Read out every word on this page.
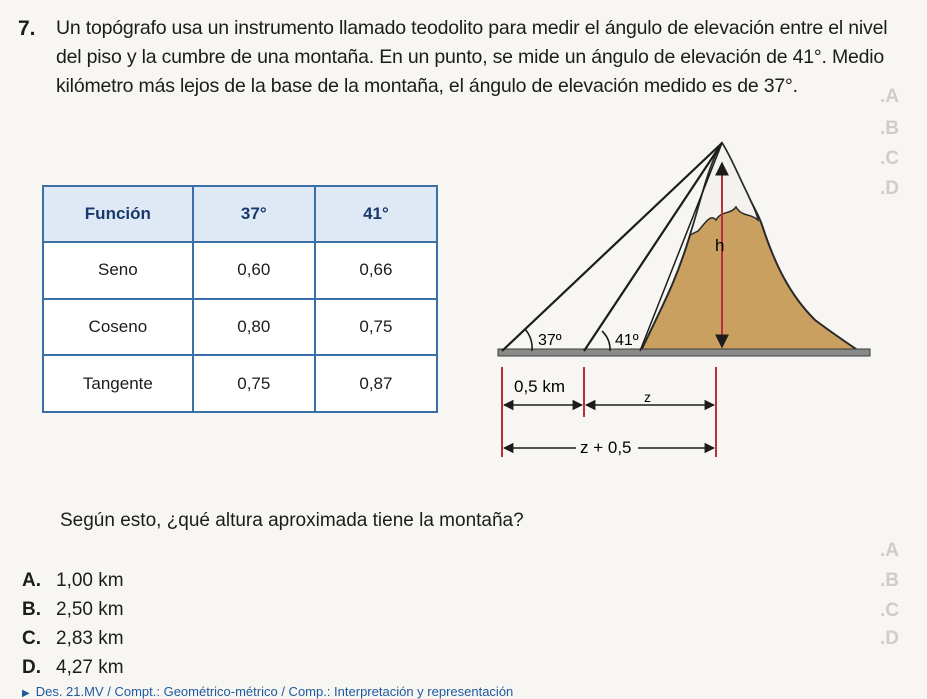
.A
.B
.C
.D
.A
.B
.C
.D
7. Un topógrafo usa un instrumento llamado teodolito para medir el ángulo de elevación entre el nivel del piso y la cumbre de una montaña. En un punto, se mide un ángulo de elevación de 41°. Medio kilómetro más lejos de la base de la montaña, el ángulo de elevación medido es de 37°.
Función	37°	41°
Seno	0,60	0,66
Coseno	0,80	0,75
Tangente	0,75	0,87
h
37º	41º
0,5 km
z
z + 0,5
Según esto, ¿qué altura aproximada tiene la montaña?
A. 1,00 km
B. 2,50 km
C. 2,83 km
D. 4,27 km
▶ Des. 21.MV / Compt.: Geométrico-métrico / Comp.: Interpretación y representación
